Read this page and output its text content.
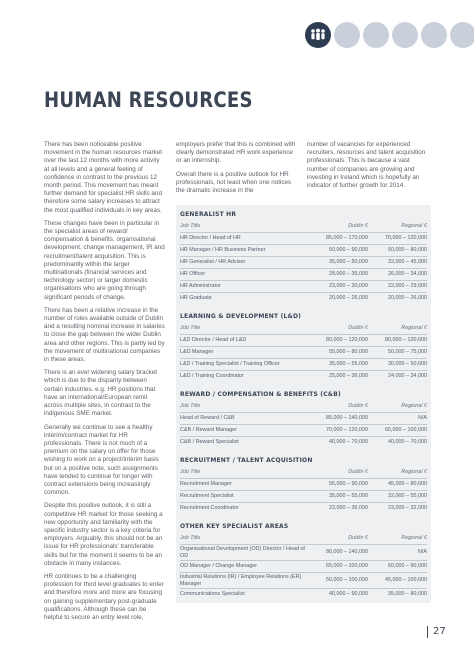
HUMAN RESOURCES

There has been noticeable positive movement in the human resources market over the last 12 months with more activity at all levels and a general feeling of confidence in contrast to the previous 12 month period. This movement has meant further demand for specialist HR skills and therefore some salary increases to attract the most qualified individuals in key areas.

These changes have been in particular in the specialist areas of reward/ compensation & benefits, organisational development, change management, IR and recruitment/talent acquisition. This is predominantly within the larger multinationals (financial services and technology sector) or larger domestic organisations who are going through significant periods of change.

There has been a relative increase in the number of roles available outside of Dublin and a resulting nominal increase in salaries to close the gap between the wider Dublin area and other regions. This is partly led by the movement of multinational companies in these areas.

There is an ever widening salary bracket which is due to the disparity between certain industries. e.g. HR positions that have an international/European remit across multiple sites, in contrast to the indigenous SME market.

Generally we continue to see a healthy interim/contract market for HR professionals. There is not much of a premium on the salary on offer for those wishing to work on a project/interim basis but on a positive note, such assignments have tended to continue for longer with contract extensions being increasingly common.

Despite this positive outlook, it is still a competitive HR market for those seeking a new opportunity and familiarity with the specific industry sector is a key criteria for employers. Arguably, this should not be an issue for HR professionals' transferable skills but for the moment it seems to be an obstacle in many instances.

HR continues to be a challenging profession for third level graduates to enter and therefore more and more are focusing on gaining supplementary post-graduate qualifications. Although these can be helpful to secure an entry level role,

employers prefer that this is combined with clearly demonstrated HR work experience or an internship.

Overall there is a positive outlook for HR professionals, not least when one notices the dramatic increase in the

number of vacancies for experienced recruiters, resources and talent acquisition professionals. This is because a vast number of companies are growing and investing in Ireland which is hopefully an indicator of further growth for 2014.

GENERALIST HR
Job Title	Dublin €	Regional €
HR Director / Head of HR	85,000 – 170,000	70,000 – 120,000
HR Manager / HR Business Partner	50,000 – 90,000	50,000 – 80,000
HR Generalist / HR Advisor	35,000 – 50,000	32,000 – 45,000
HR Officer	28,000 – 35,000	26,000 – 34,000
HR Administrator	23,000 – 30,000	22,000 – 29,000
HR Graduate	20,000 – 26,000	20,000 – 26,000
LEARNING & DEVELOPMENT (L&D)
Job Title	Dublin €	Regional €
L&D Director / Head of L&D	80,000 – 120,000	80,000 – 120,000
L&D Manager	55,000 – 80,000	50,000 – 75,000
L&D / Training Specialist / Training Officer	35,000 – 55,000	30,000 – 50,000
L&D / Training Coordinator	25,000 – 36,000	24,000 – 34,000
REWARD / COMPENSATION & BENEFITS (C&B)
Job Title	Dublin €	Regional €
Head of Reward / C&B	85,000 – 140,000	N/A
C&B / Reward Manager	70,000 – 120,000	65,000 – 100,000
C&B / Reward Specialist	40,000 – 70,000	40,000 – 70,000
RECRUITMENT / TALENT ACQUISITION
Job Title	Dublin €	Regional €
Recruitment Manager	55,000 – 90,000	45,000 – 80,000
Recruitment Specialist	35,000 – 55,000	32,000 – 55,000
Recruitment Coordinator	23,000 – 36,000	23,000 – 32,000
OTHER KEY SPECIALIST AREAS
Job Title	Dublin €	Regional €
Organisational Development (OD) Director / Head of OD
80,000 – 140,000	N/A
OD Manager / Change Manager	65,000 – 100,000	60,000 – 90,000
Industrial Relations (IR) / Employee Relations (ER) Manager
50,000 – 100,000	45,000 – 100,000
Communications Specialist	40,000 – 90,000	35,000 – 80,000
27
